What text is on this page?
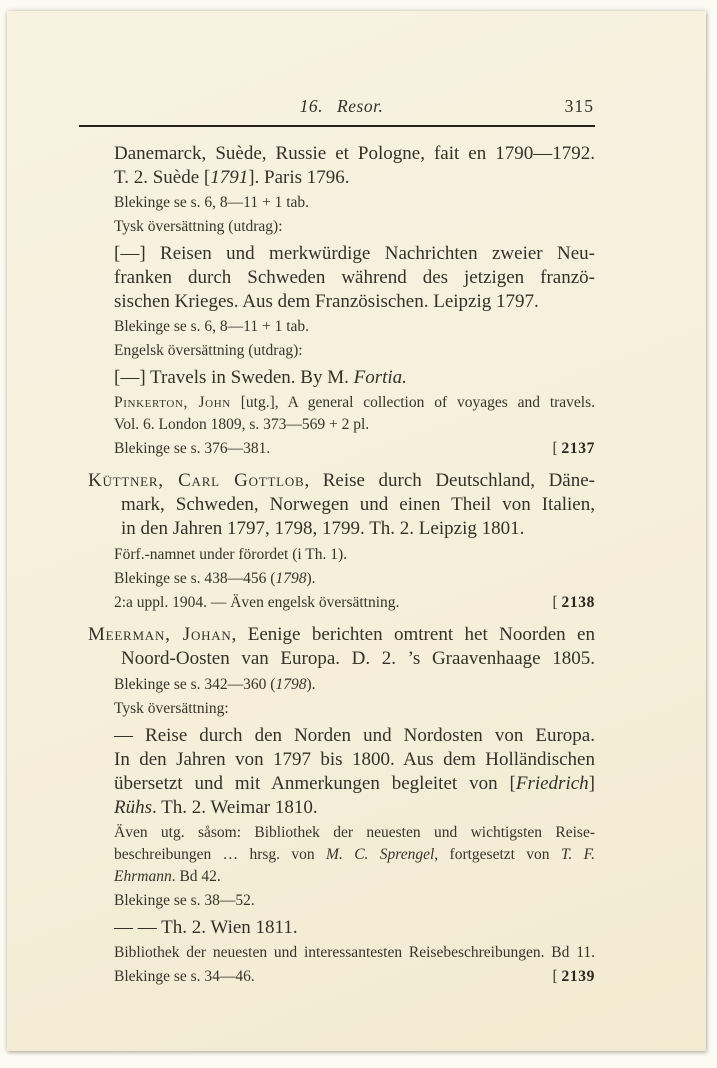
16. Resor.	315
Danemarck, Suède, Russie et Pologne, fait en 1790—1792.
T. 2. Suède [1791]. Paris 1796.
Blekinge se s. 6, 8—11 + 1 tab.
Tysk översättning (utdrag):
[—] Reisen und merkwürdige Nachrichten zweier Neu-
franken durch Schweden während des jetzigen franzö-
sischen Krieges. Aus dem Französischen. Leipzig 1797.
Blekinge se s. 6, 8—11 + 1 tab.
Engelsk översättning (utdrag):
[—] Travels in Sweden. By M. Fortia.
Pinkerton, John [utg.], A general collection of voyages and travels.
Vol. 6. London 1809, s. 373—569 + 2 pl.
Blekinge se s. 376—381.	[ 2137
Küttner, Carl Gottlob, Reise durch Deutschland, Däne-
mark, Schweden, Norwegen und einen Theil von Italien,
in den Jahren 1797, 1798, 1799. Th. 2. Leipzig 1801.
Förf.-namnet under förordet (i Th. 1).
Blekinge se s. 438—456 (1798).
2:a uppl. 1904. — Även engelsk översättning.	[ 2138
Meerman, Johan, Eenige berichten omtrent het Noorden en
Noord-Oosten van Europa. D. 2. ’s Graavenhaage 1805.
Blekinge se s. 342—360 (1798).
Tysk översättning:
— Reise durch den Norden und Nordosten von Europa.
In den Jahren von 1797 bis 1800. Aus dem Holländischen
übersetzt und mit Anmerkungen begleitet von [Friedrich]
Rühs. Th. 2. Weimar 1810.
Även utg. såsom: Bibliothek der neuesten und wichtigsten Reise-
beschreibungen … hrsg. von M. C. Sprengel, fortgesetzt von T. F.
Ehrmann. Bd 42.
Blekinge se s. 38—52.
— — Th. 2. Wien 1811.
Bibliothek der neuesten und interessantesten Reisebeschreibungen. Bd 11.
Blekinge se s. 34—46.	[ 2139
